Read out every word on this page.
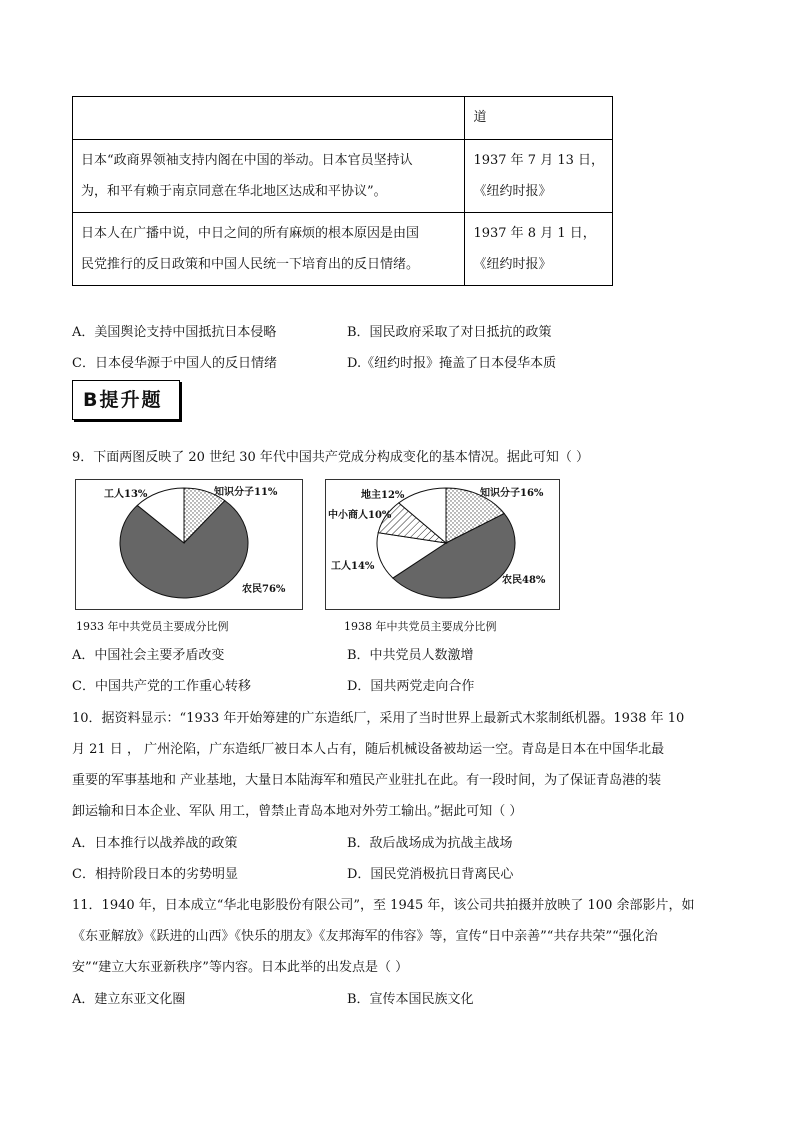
	道

日本“政商界领袖支持内阁在中国的举动。日本官员坚持认
为，和平有赖于南京同意在华北地区达成和平协议”。	1937 年 7 月 13 日，
《纽约时报》

日本人在广播中说，中日之间的所有麻烦的根本原因是由国
民党推行的反日政策和中国人民统一下培育出的反日情绪。	1937 年 8 月 1 日，
《纽约时报》
A．美国舆论支持中国抵抗日本侵略	B．国民政府采取了对日抵抗的政策
C．日本侵华源于中国人的反日情绪	D.《纽约时报》掩盖了日本侵华本质
B提升题
9．下面两图反映了 20 世纪 30 年代中国共产党成分构成变化的基本情况。据此可知（ ）
知识分子11%
农民76%
工人13%	知识分子16%
农民48%
工人14%
中小商人10%
地主12%
1933 年中共党员主要成分比例	1938 年中共党员主要成分比例
A．中国社会主要矛盾改变	B．中共党员人数激增
C．中国共产党的工作重心转移	D．国共两党走向合作
10．据资料显示：“1933 年开始筹建的广东造纸厂，采用了当时世界上最新式木浆制纸机器。1938 年 10
月 21 日 ， 广州沦陷，广东造纸厂被日本人占有，随后机械设备被劫运一空。青岛是日本在中国华北最
重要的军事基地和 产业基地，大量日本陆海军和殖民产业驻扎在此。有一段时间，为了保证青岛港的装
卸运输和日本企业、军队 用工，曾禁止青岛本地对外劳工输出。”据此可知（ ）
A．日本推行以战养战的政策	B．敌后战场成为抗战主战场
C．相持阶段日本的劣势明显	D．国民党消极抗日背离民心
11．1940 年，日本成立“华北电影股份有限公司”，至 1945 年，该公司共拍摄并放映了 100 余部影片，如
《东亚解放》《跃进的山西》《快乐的朋友》《友邦海军的伟容》等，宣传“日中亲善”“共存共荣”“强化治
安”“建立大东亚新秩序”等内容。日本此举的出发点是（ ）
A．建立东亚文化圈	B．宣传本国民族文化
